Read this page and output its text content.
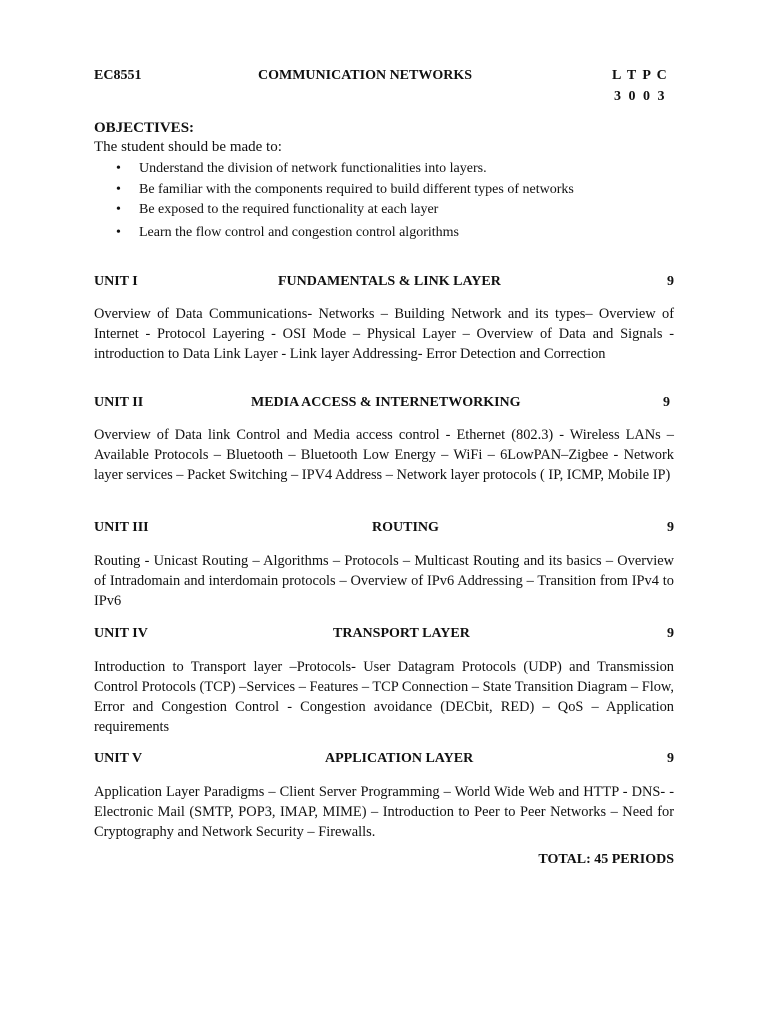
EC8551	COMMUNICATION NETWORKS	L T P C
3 0 0 3
OBJECTIVES:
The student should be made to:
• Understand the division of network functionalities into layers.
• Be familiar with the components required to build different types of networks
• Be exposed to the required functionality at each layer
• Learn the flow control and congestion control algorithms
UNIT I	FUNDAMENTALS & LINK LAYER	9

Overview of Data Communications- Networks – Building Network and its types– Overview of Internet - Protocol Layering - OSI Mode – Physical Layer – Overview of Data and Signals - introduction to Data Link Layer - Link layer Addressing- Error Detection and Correction

UNIT II	MEDIA ACCESS & INTERNETWORKING	9

Overview of Data link Control and Media access control - Ethernet (802.3) - Wireless LANs – Available Protocols – Bluetooth – Bluetooth Low Energy – WiFi – 6LowPAN–Zigbee - Network layer services – Packet Switching – IPV4 Address – Network layer protocols ( IP, ICMP, Mobile IP)

UNIT III	ROUTING	9

Routing - Unicast Routing – Algorithms – Protocols – Multicast Routing and its basics – Overview of Intradomain and interdomain protocols – Overview of IPv6 Addressing – Transition from IPv4 to IPv6

UNIT IV	TRANSPORT LAYER	9

Introduction to Transport layer –Protocols- User Datagram Protocols (UDP) and Transmission Control Protocols (TCP) –Services – Features – TCP Connection – State Transition Diagram – Flow, Error and Congestion Control - Congestion avoidance (DECbit, RED) – QoS – Application requirements

UNIT V	APPLICATION LAYER	9

Application Layer Paradigms – Client Server Programming – World Wide Web and HTTP - DNS- - Electronic Mail (SMTP, POP3, IMAP, MIME) – Introduction to Peer to Peer Networks – Need for Cryptography and Network Security – Firewalls.

TOTAL: 45 PERIODS
